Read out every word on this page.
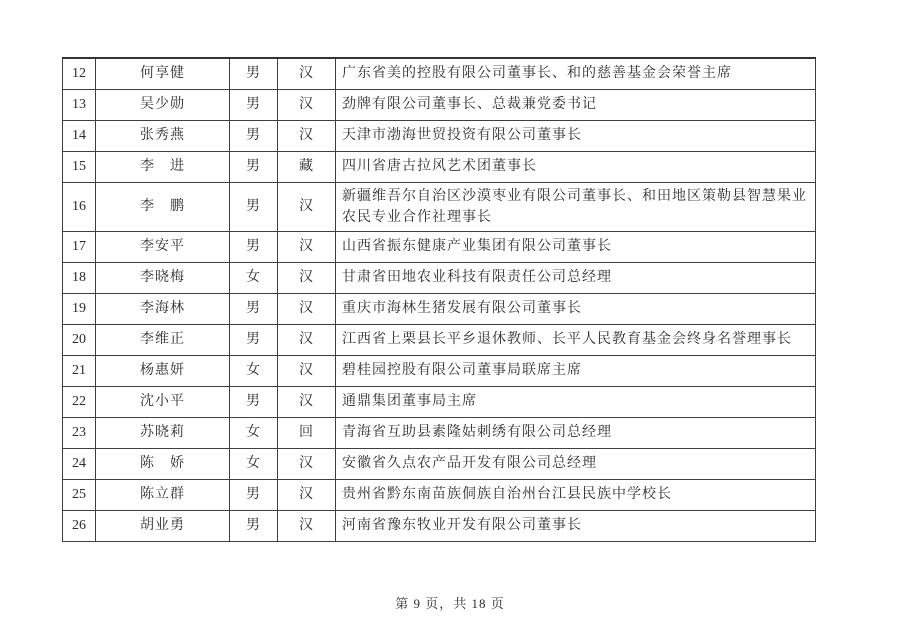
12	何享健	男	汉	广东省美的控股有限公司董事长、和的慈善基金会荣誉主席
13	吴少勋	男	汉	劲牌有限公司董事长、总裁兼党委书记
14	张秀燕	男	汉	天津市渤海世贸投资有限公司董事长
15	李　进	男	藏	四川省唐古拉风艺术团董事长
16	李　鹏	男	汉	新疆维吾尔自治区沙漠枣业有限公司董事长、和田地区策勒县智慧果业农民专业合作社理事长
17	李安平	男	汉	山西省振东健康产业集团有限公司董事长
18	李晓梅	女	汉	甘肃省田地农业科技有限责任公司总经理
19	李海林	男	汉	重庆市海林生猪发展有限公司董事长
20	李维正	男	汉	江西省上栗县长平乡退休教师、长平人民教育基金会终身名誉理事长
21	杨惠妍	女	汉	碧桂园控股有限公司董事局联席主席
22	沈小平	男	汉	通鼎集团董事局主席
23	苏晓莉	女	回	青海省互助县素隆姑刺绣有限公司总经理
24	陈　娇	女	汉	安徽省久点农产品开发有限公司总经理
25	陈立群	男	汉	贵州省黔东南苗族侗族自治州台江县民族中学校长
26	胡业勇	男	汉	河南省豫东牧业开发有限公司董事长
第 9 页，共 18 页
